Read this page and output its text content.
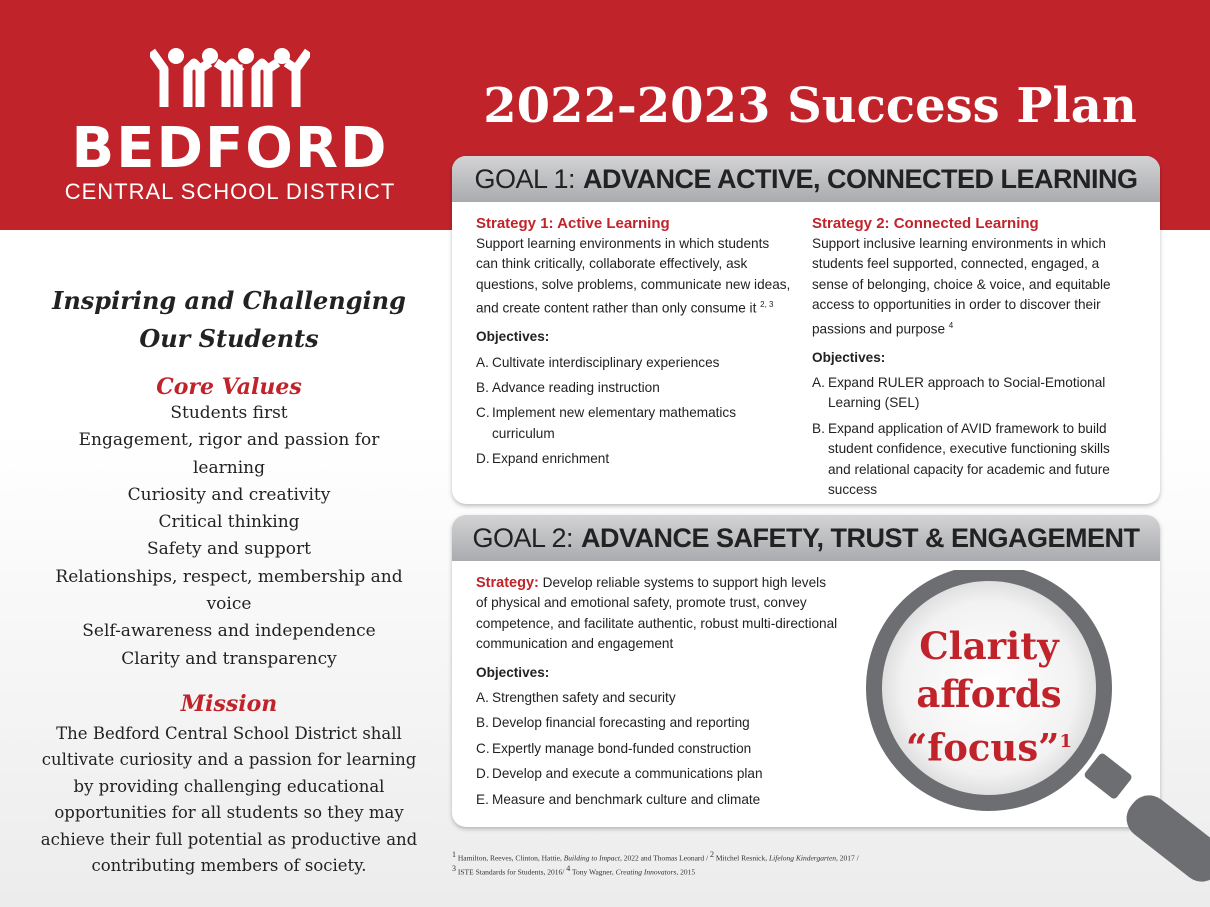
BEDFORD
CENTRAL SCHOOL DISTRICT
2022-2023 Success Plan
Inspiring and Challenging
Our Students
Core Values
Students first
Engagement, rigor and passion for learning
Curiosity and creativity
Critical thinking
Safety and support
Relationships, respect, membership and voice
Self-awareness and independence
Clarity and transparency
Mission
The Bedford Central School District shall cultivate curiosity and a passion for learning by providing challenging educational opportunities for all students so they may achieve their full potential as productive and contributing members of society.
GOAL 1: ADVANCE ACTIVE, CONNECTED LEARNING
Strategy 1: Active Learning
Support learning environments in which students can think critically, collaborate effectively, ask questions, solve problems, communicate new ideas, and create content rather than only consume it $^{2, 3}$
Objectives:
A. Cultivate interdisciplinary experiences
B. Advance reading instruction
C. Implement new elementary mathematics curriculum
D. Expand enrichment
Strategy 2: Connected Learning
Support inclusive learning environments in which students feel supported, connected, engaged, a sense of belonging, choice & voice, and equitable access to opportunities in order to discover their passions and purpose $^4$
Objectives:
A. Expand RULER approach to Social-Emotional Learning (SEL)
B. Expand application of AVID framework to build student confidence, executive functioning skills and relational capacity for academic and future success
GOAL 2: ADVANCE SAFETY, TRUST & ENGAGEMENT
Strategy: Develop reliable systems to support high levels of physical and emotional safety, promote trust, convey competence, and facilitate authentic, robust multi-directional communication and engagement
Objectives:
A. Strengthen safety and security
B. Develop financial forecasting and reporting
C. Expertly manage bond-funded construction
D. Develop and execute a communications plan
E. Measure and benchmark culture and climate
Clarity
affords
“focus”$^1$
$^1$ Hamilton, Reeves, Clinton, Hattie, Building to Impact, 2022 and Thomas Leonard / $^2$ Mitchel Resnick, Lifelong Kindergarten, 2017 /
$^3$ ISTE Standards for Students, 2016/ $^4$ Tony Wagner, Creating Innovators, 2015
